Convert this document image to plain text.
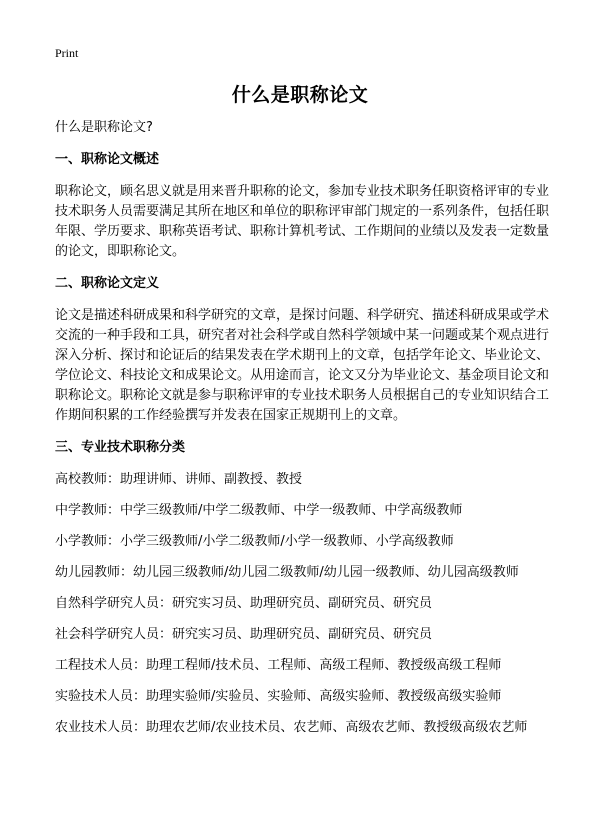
Print
什么是职称论文

什么是职称论文?

一、职称论文概述

职称论文，顾名思义就是用来晋升职称的论文，参加专业技术职务任职资格评审的专业技术职务人员需要满足其所在地区和单位的职称评审部门规定的一系列条件，包括任职年限、学历要求、职称英语考试、职称计算机考试、工作期间的业绩以及发表一定数量的论文，即职称论文。

二、职称论文定义

论文是描述科研成果和科学研究的文章，是探讨问题、科学研究、描述科研成果或学术交流的一种手段和工具，研究者对社会科学或自然科学领域中某一问题或某个观点进行深入分析、探讨和论证后的结果发表在学术期刊上的文章，包括学年论文、毕业论文、学位论文、科技论文和成果论文。从用途而言，论文又分为毕业论文、基金项目论文和职称论文。职称论文就是参与职称评审的专业技术职务人员根据自己的专业知识结合工作期间积累的工作经验撰写并发表在国家正规期刊上的文章。

三、专业技术职称分类
高校教师：助理讲师、讲师、副教授、教授
中学教师：中学三级教师/中学二级教师、中学一级教师、中学高级教师
小学教师：小学三级教师/小学二级教师/小学一级教师、小学高级教师
幼儿园教师：幼儿园三级教师/幼儿园二级教师/幼儿园一级教师、幼儿园高级教师
自然科学研究人员：研究实习员、助理研究员、副研究员、研究员
社会科学研究人员：研究实习员、助理研究员、副研究员、研究员
工程技术人员：助理工程师/技术员、工程师、高级工程师、教授级高级工程师
实验技术人员：助理实验师/实验员、实验师、高级实验师、教授级高级实验师
农业技术人员：助理农艺师/农业技术员、农艺师、高级农艺师、教授级高级农艺师
